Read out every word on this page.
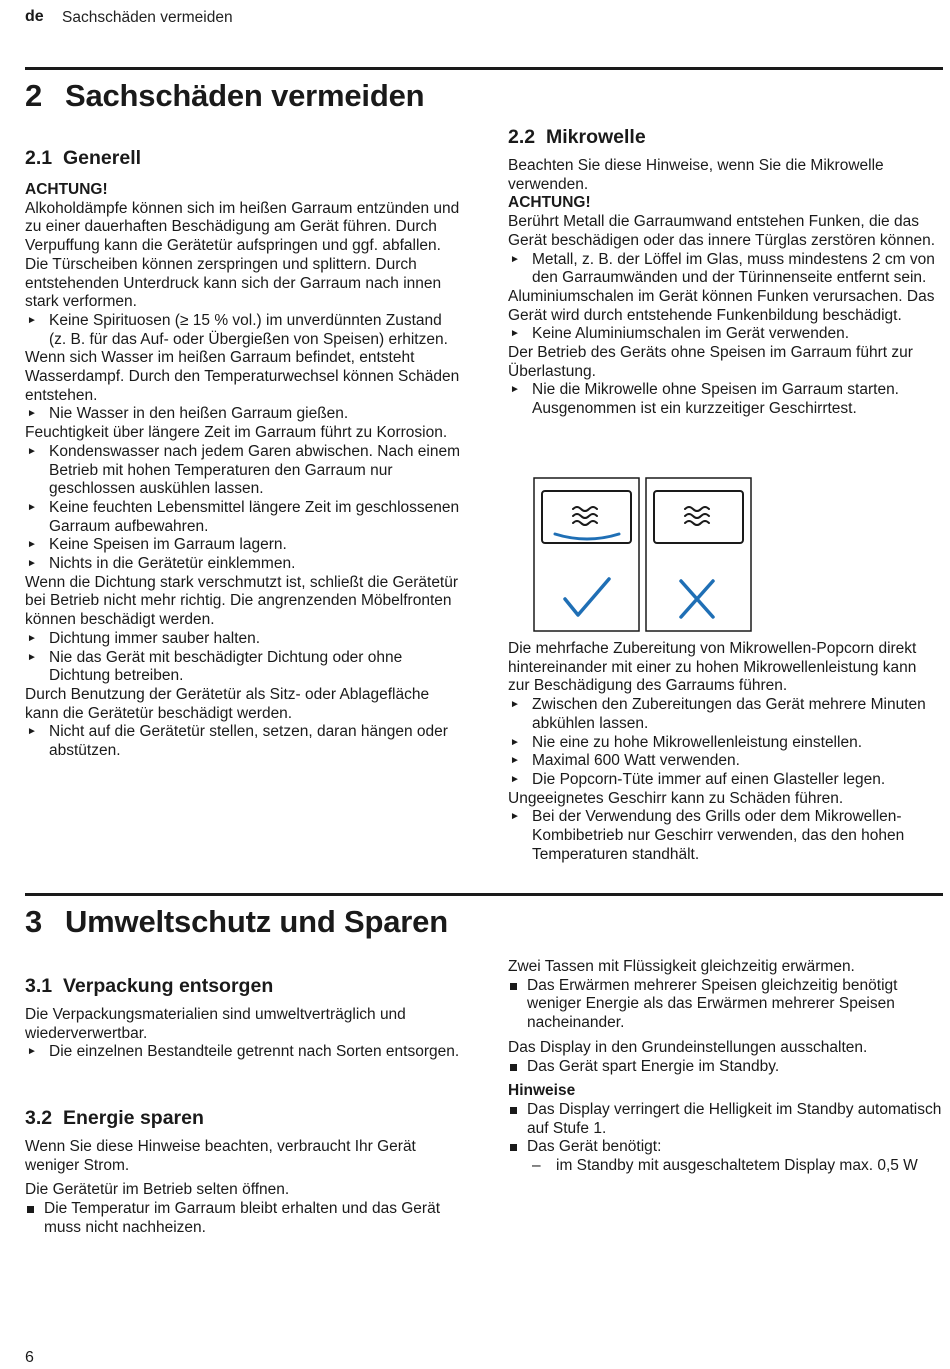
de Sachschäden vermeiden
2 Sachschäden vermeiden
2.1 Generell

ACHTUNG!

Alkoholdämpfe können sich im heißen Garraum entzünden und zu einer dauerhaften Beschädigung am Gerät führen. Durch Verpuffung kann die Gerätetür aufspringen und ggf. abfallen. Die Türscheiben können zerspringen und splittern. Durch entstehenden Unterdruck kann sich der Garraum nach innen stark verformen.

► Keine Spirituosen (≥ 15 % vol.) im unverdünnten Zustand (z. B. für das Auf- oder Übergießen von Speisen) erhitzen.

Wenn sich Wasser im heißen Garraum befindet, entsteht Wasserdampf. Durch den Temperaturwechsel können Schäden entstehen.

► Nie Wasser in den heißen Garraum gießen.

Feuchtigkeit über längere Zeit im Garraum führt zu Korrosion.

► Kondenswasser nach jedem Garen abwischen. Nach einem Betrieb mit hohen Temperaturen den Garraum nur geschlossen auskühlen lassen.

► Keine feuchten Lebensmittel längere Zeit im geschlossenen Garraum aufbewahren.

► Keine Speisen im Garraum lagern.

► Nichts in die Gerätetür einklemmen.

Wenn die Dichtung stark verschmutzt ist, schließt die Gerätetür bei Betrieb nicht mehr richtig. Die angrenzenden Möbelfronten können beschädigt werden.

► Dichtung immer sauber halten.

► Nie das Gerät mit beschädigter Dichtung oder ohne Dichtung betreiben.

Durch Benutzung der Gerätetür als Sitz- oder Ablagefläche kann die Gerätetür beschädigt werden.

► Nicht auf die Gerätetür stellen, setzen, daran hängen oder abstützen.

2.2 Mikrowelle

Beachten Sie diese Hinweise, wenn Sie die Mikrowelle verwenden.

ACHTUNG!

Berührt Metall die Garraumwand entstehen Funken, die das Gerät beschädigen oder das innere Türglas zerstören können.

► Metall, z. B. der Löffel im Glas, muss mindestens 2 cm von den Garraumwänden und der Türinnenseite entfernt sein.

Aluminiumschalen im Gerät können Funken verursachen. Das Gerät wird durch entstehende Funkenbildung beschädigt.

► Keine Aluminiumschalen im Gerät verwenden.

Der Betrieb des Geräts ohne Speisen im Garraum führt zur Überlastung.

► Nie die Mikrowelle ohne Speisen im Garraum starten. Ausgenommen ist ein kurzzeitiger Geschirrtest.

Die mehrfache Zubereitung von Mikrowellen-Popcorn direkt hintereinander mit einer zu hohen Mikrowellenleistung kann zur Beschädigung des Garraums führen.

► Zwischen den Zubereitungen das Gerät mehrere Minuten abkühlen lassen.

► Nie eine zu hohe Mikrowellenleistung einstellen.

► Maximal 600 Watt verwenden.

► Die Popcorn-Tüte immer auf einen Glasteller legen.

Ungeeignetes Geschirr kann zu Schäden führen.

► Bei der Verwendung des Grills oder dem Mikrowellen-Kombibetrieb nur Geschirr verwenden, das den hohen Temperaturen standhält.

3 Umweltschutz und Sparen
3.1 Verpackung entsorgen

Die Verpackungsmaterialien sind umweltverträglich und wiederverwertbar.

► Die einzelnen Bestandteile getrennt nach Sorten entsorgen.

3.2 Energie sparen

Wenn Sie diese Hinweise beachten, verbraucht Ihr Gerät weniger Strom.

Die Gerätetür im Betrieb selten öffnen.

Die Temperatur im Garraum bleibt erhalten und das Gerät muss nicht nachheizen.

Zwei Tassen mit Flüssigkeit gleichzeitig erwärmen.

Das Erwärmen mehrerer Speisen gleichzeitig benötigt weniger Energie als das Erwärmen mehrerer Speisen nacheinander.

Das Display in den Grundeinstellungen ausschalten.

Das Gerät spart Energie im Standby.

Hinweise

Das Display verringert die Helligkeit im Standby automatisch auf Stufe 1.

Das Gerät benötigt:

– im Standby mit ausgeschaltetem Display max. 0,5 W

6
